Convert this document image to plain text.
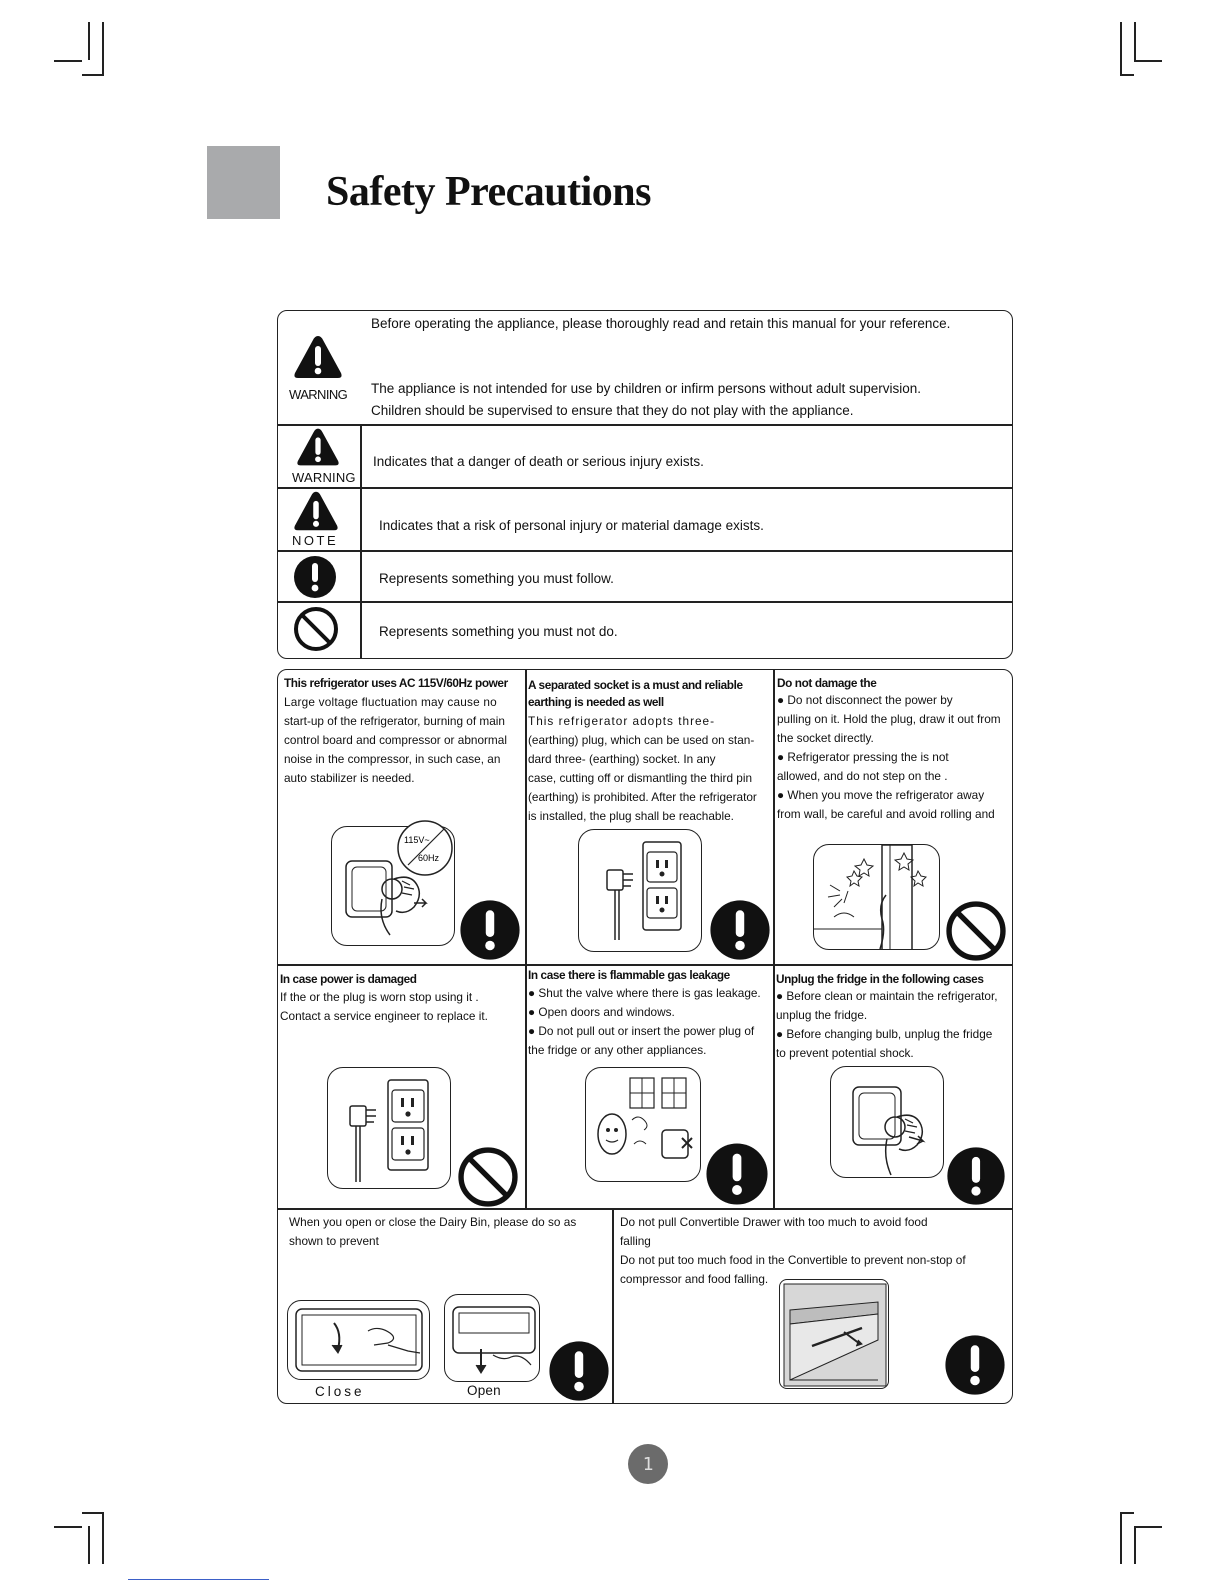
Safety Precautions
WARNING
Before operating the appliance, please thoroughly read and retain this manual for your reference.
The appliance is not intended for use by children or infirm persons without adult supervision.
Children should be supervised to ensure that they do not play with the appliance.
WARNING
Indicates that a danger of death or serious injury exists.
NOTE
Indicates that a risk of personal injury or material damage exists.
Represents something you must follow.
Represents something you must not do.
This refrigerator uses AC 115V/60Hz power
Large voltage fluctuation may cause no
start-up of the refrigerator, burning of main
control board and compressor or abnormal
noise in the compressor, in such case, an
auto stabilizer is needed.
115V~
60Hz
A separated socket is a must and reliable
earthing is needed as well
This refrigerator adopts three-
(earthing) plug, which can be used on stan-
dard three- (earthing) socket. In any
case, cutting off or dismantling the third pin
(earthing) is prohibited. After the refrigerator
is installed, the plug shall be reachable.
Do not damage the
● Do not disconnect the power by
pulling on it. Hold the plug, draw it out from
the socket directly.
● Refrigerator pressing the is not
allowed, and do not step on the .
● When you move the refrigerator away
from wall, be careful and avoid rolling and
In case power is damaged
If the or the plug is worn stop using it .
Contact a service engineer to replace it.
In case there is flammable gas leakage
● Shut the valve where there is gas leakage.
● Open doors and windows.
● Do not pull out or insert the power plug of
the fridge or any other appliances.
Unplug the fridge in the following cases
● Before clean or maintain the refrigerator,
unplug the fridge.
● Before changing bulb, unplug the fridge
to prevent potential shock.
When you open or close the Dairy Bin, please do so as
shown to prevent
Close	Open
Do not pull Convertible Drawer with too much to avoid food
falling
Do not put too much food in the Convertible to prevent non-stop of
compressor and food falling.
1
